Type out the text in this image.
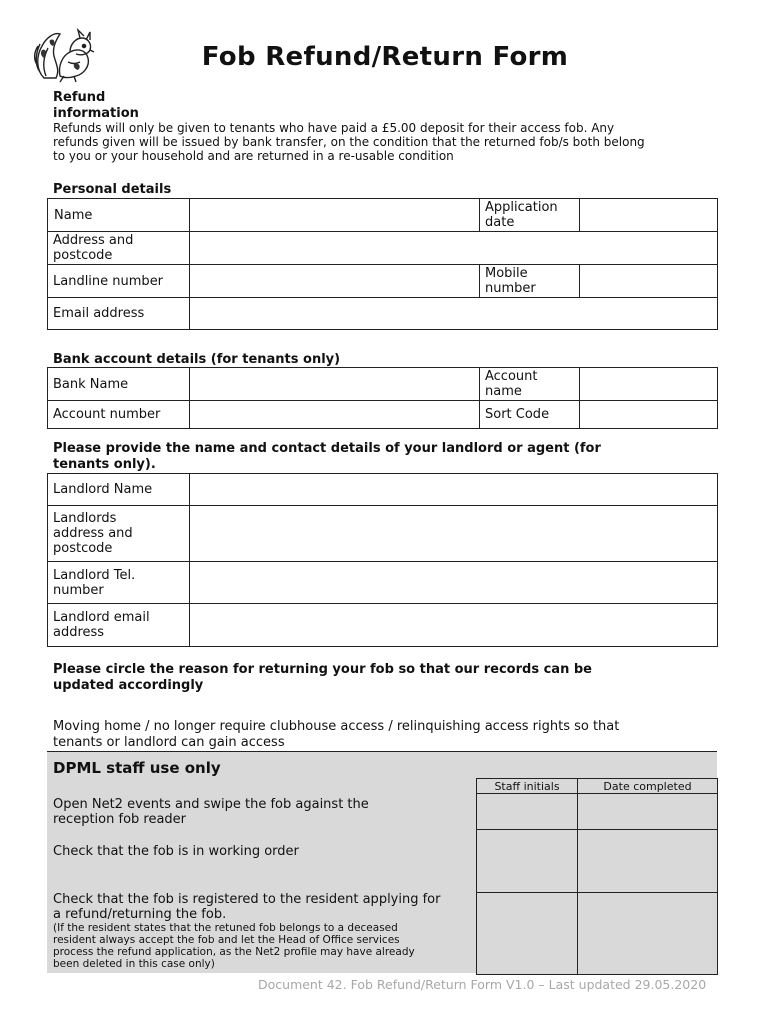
Fob Refund/Return Form
Refund
information
Refunds will only be given to tenants who have paid a £5.00 deposit for their access fob. Any
refunds given will be issued by bank transfer, on the condition that the returned fob/s both belong
to you or your household and are returned in a re-usable condition
Personal details
Name		Application
date	

Address and
postcode			

Landline number		Mobile
number	

Email address			
Bank account details (for tenants only)
Bank Name		Account
name	

Account number		Sort Code	
Please provide the name and contact details of your landlord or agent (for
tenants only).
Landlord Name	

Landlords
address and
postcode	

Landlord Tel.
number	

Landlord email
address	

Please circle the reason for returning your fob so that our records can be
updated accordingly
Moving home / no longer require clubhouse access / relinquishing access rights so that
tenants or landlord can gain access
DPML staff use only
Open Net2 events and swipe the fob against the
reception fob reader
Check that the fob is in working order
Check that the fob is registered to the resident applying for
a refund/returning the fob.
(If the resident states that the retuned fob belongs to a deceased
resident always accept the fob and let the Head of Office services
process the refund application, as the Net2 profile may have already
been deleted in this case only)
Staff initials	Date completed

Document 42. Fob Refund/Return Form V1.0 – Last updated 29.05.2020
